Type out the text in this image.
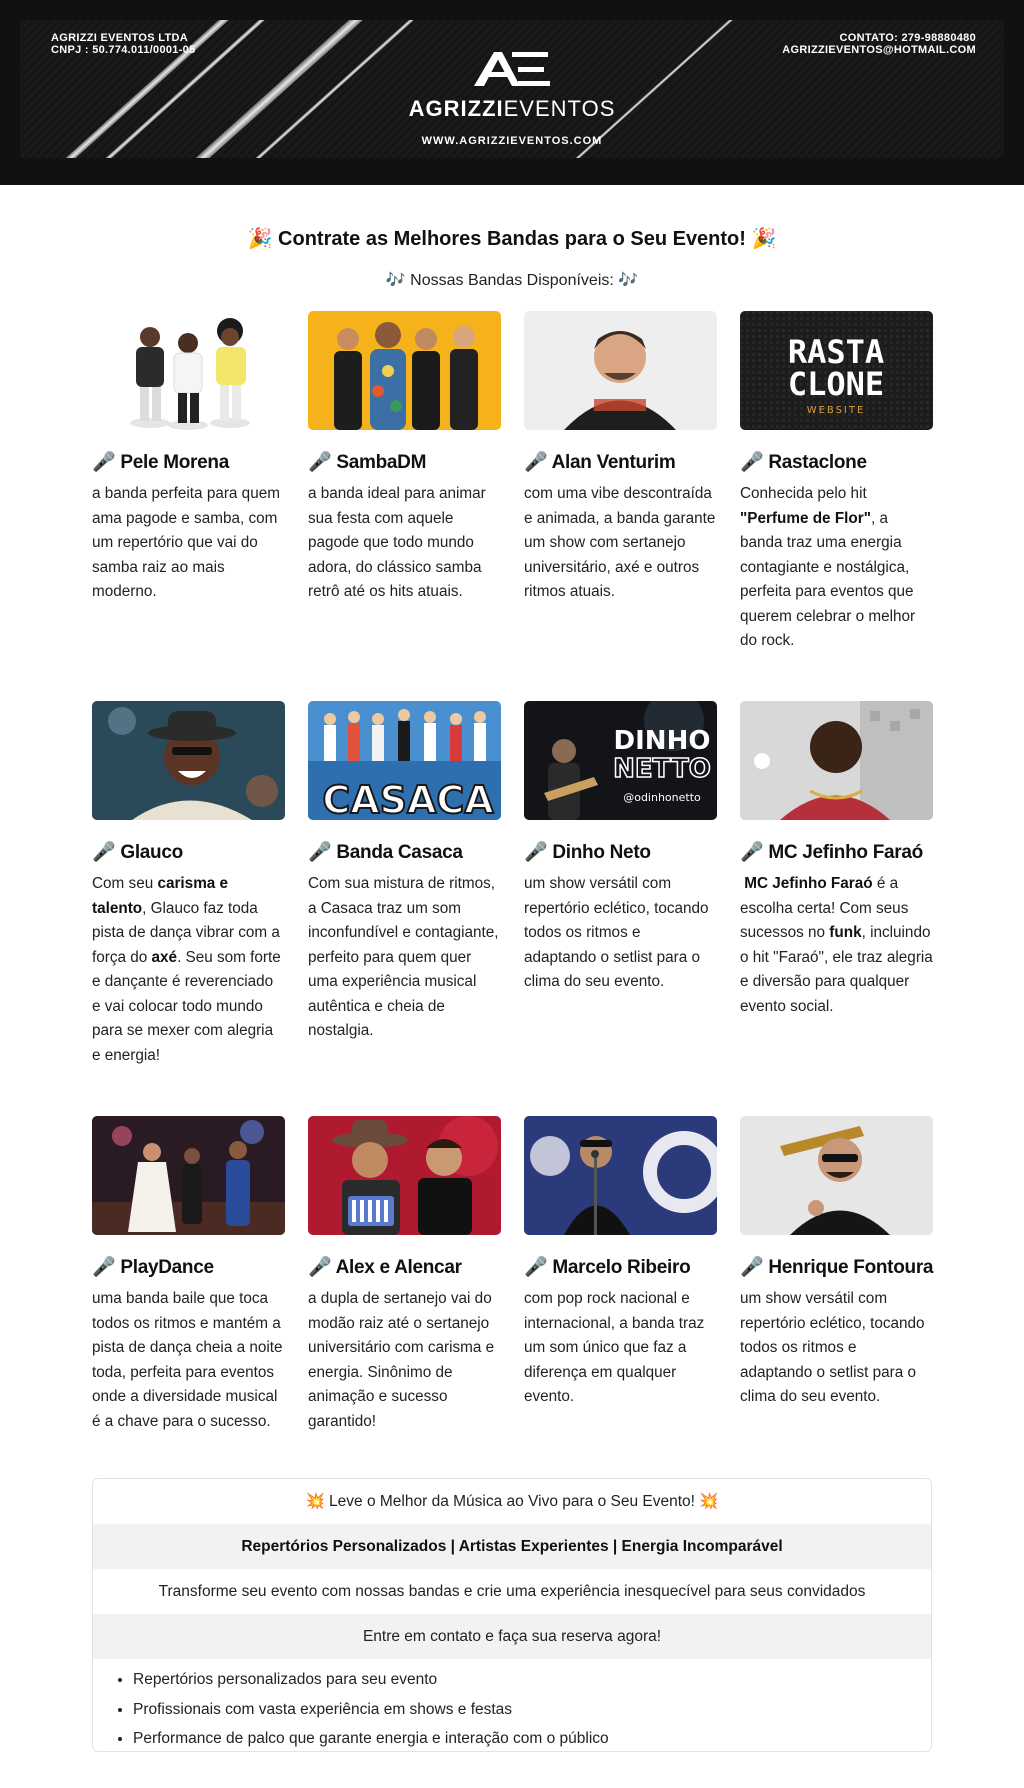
AGRIZZI EVENTOS LTDA
CNPJ : 50.774.011/0001-05
CONTATO: 279-98880480
AGRIZZIEVENTOS@HOTMAIL.COM
AGRIZZIEVENTOS
WWW.AGRIZZIEVENTOS.COM
🎉 Contrate as Melhores Bandas para o Seu Evento! 🎉
🎶 Nossas Bandas Disponíveis: 🎶
🎤 Pele Morena

a banda perfeita para quem ama pagode e samba, com um repertório que vai do samba raiz ao mais moderno.

🎤 SambaDM

a banda ideal para animar sua festa com aquele pagode que todo mundo adora, do clássico samba retrô até os hits atuais.

🎤 Alan Venturim

com uma vibe descontraída e animada, a banda garante um show com sertanejo universitário, axé e outros ritmos atuais.

RASTA
CLONE
WEBSITE
🎤 Rastaclone

Conhecida pelo hit "Perfume de Flor", a banda traz uma energia contagiante e nostálgica, perfeita para eventos que querem celebrar o melhor do rock.

🎤 Glauco

Com seu carisma e talento, Glauco faz toda pista de dança vibrar com a força do axé. Seu som forte e dançante é reverenciado e vai colocar todo mundo para se mexer com alegria e energia!

CASACA
🎤 Banda Casaca

Com sua mistura de ritmos, a Casaca traz um som inconfundível e contagiante, perfeito para quem quer uma experiência musical autêntica e cheia de nostalgia.

DINHO
NETTO
@odinhonetto
🎤 Dinho Neto

um show versátil com repertório eclético, tocando todos os ritmos e adaptando o setlist para o clima do seu evento.

🎤 MC Jefinho Faraó

MC Jefinho Faraó é a escolha certa! Com seus sucessos no funk, incluindo o hit "Faraó", ele traz alegria e diversão para qualquer evento social.

🎤 PlayDance

uma banda baile que toca todos os ritmos e mantém a pista de dança cheia a noite toda, perfeita para eventos onde a diversidade musical é a chave para o sucesso.

🎤 Alex e Alencar

a dupla de sertanejo vai do modão raiz até o sertanejo universitário com carisma e energia. Sinônimo de animação e sucesso garantido!

🎤 Marcelo Ribeiro

com pop rock nacional e internacional, a banda traz um som único que faz a diferença em qualquer evento.

🎤 Henrique Fontoura

um show versátil com repertório eclético, tocando todos os ritmos e adaptando o setlist para o clima do seu evento.

💥 Leve o Melhor da Música ao Vivo para o Seu Evento! 💥
Repertórios Personalizados | Artistas Experientes | Energia Incomparável
Transforme seu evento com nossas bandas e crie uma experiência inesquecível para seus convidados
Entre em contato e faça sua reserva agora!
• Repertórios personalizados para seu evento
• Profissionais com vasta experiência em shows e festas
• Performance de palco que garante energia e interação com o público
